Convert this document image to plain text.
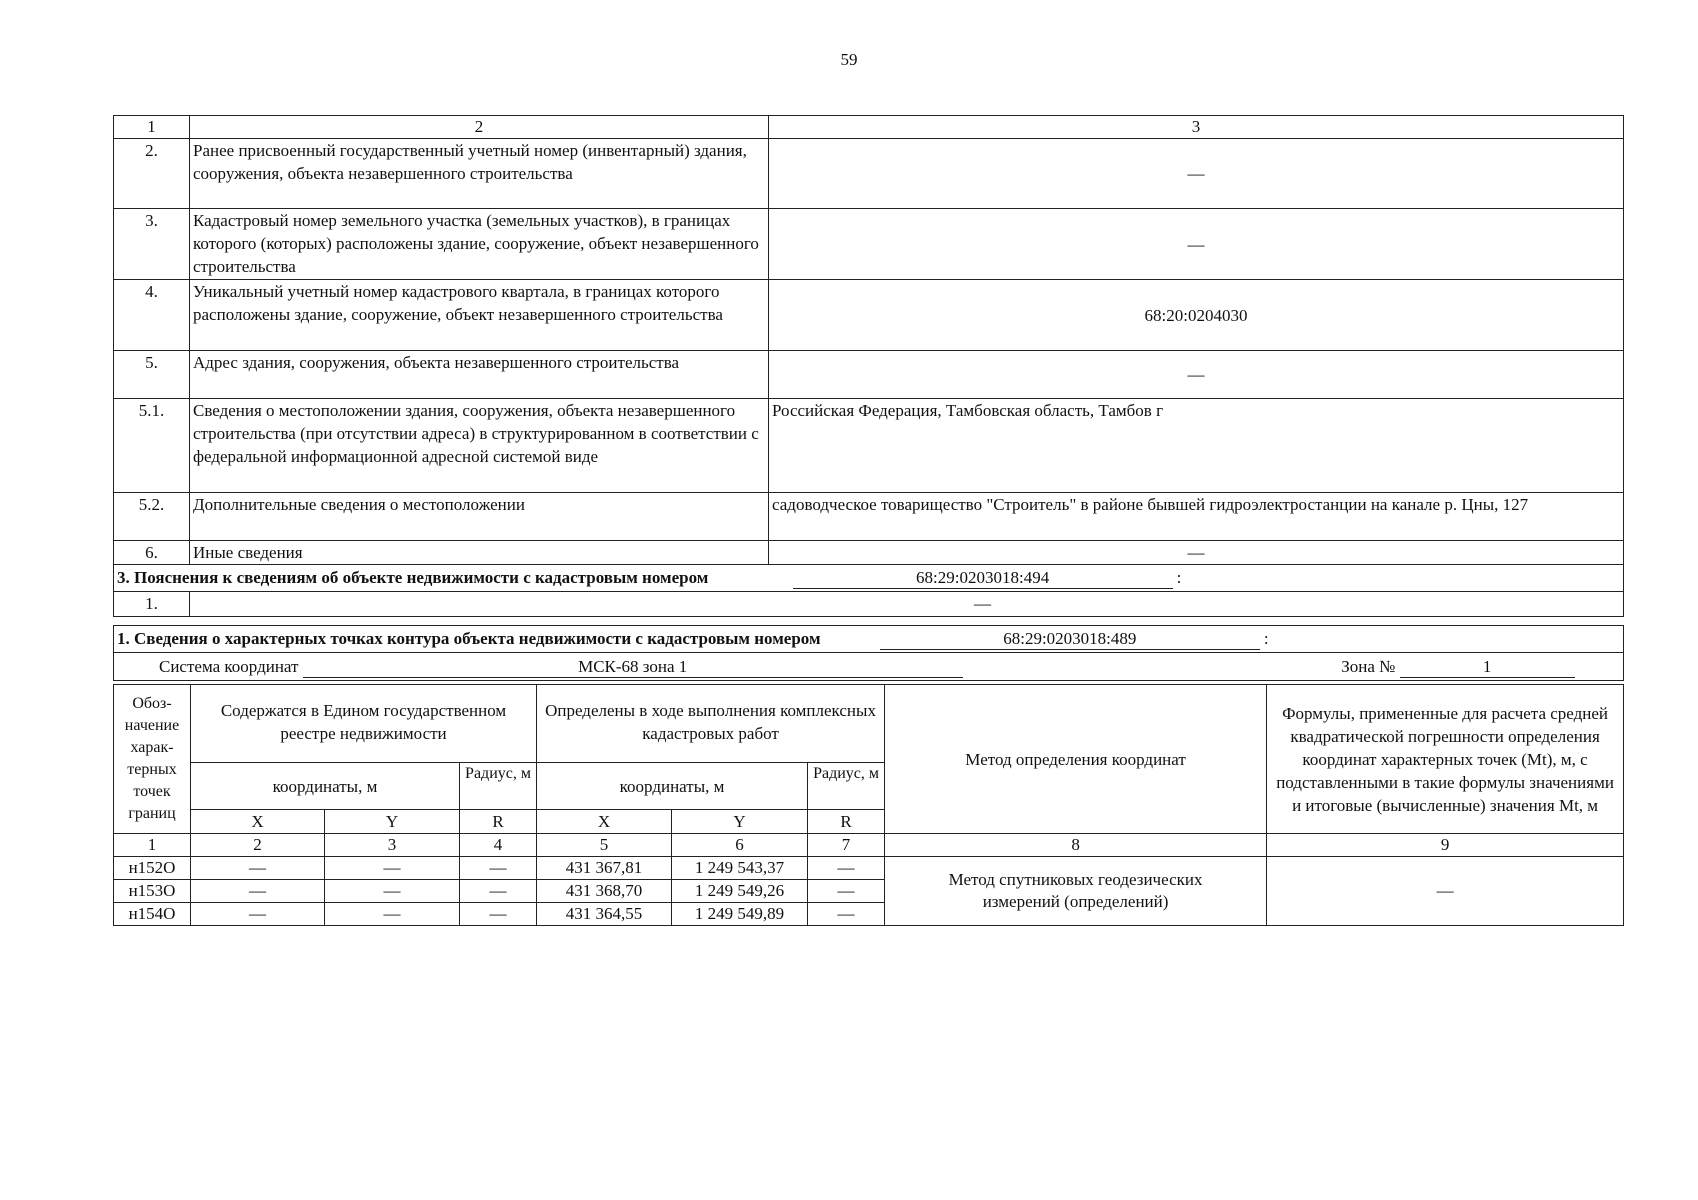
59
1	2	3
2.	Ранее присвоенный государственный учетный номер (инвентарный) здания, сооружения, объекта незавершенного строительства	—
3.	Кадастровый номер земельного участка (земельных участков), в границах которого (которых) расположены здание, сооружение, объект незавершенного строительства	—
4.	Уникальный учетный номер кадастрового квартала, в границах которого расположены здание, сооружение, объект незавершенного строительства	68:20:0204030
5.	Адрес здания, сооружения, объекта незавершенного строительства	—
5.1.	Сведения о местоположении здания, сооружения, объекта незавершенного строительства (при отсутствии адреса) в структурированном в соответствии с федеральной информационной адресной системой виде	Российская Федерация, Тамбовская область, Тамбов г
5.2.	Дополнительные сведения о местоположении	садоводческое товарищество "Строитель" в районе бывшей гидроэлектростанции на канале р. Цны, 127
6.	Иные сведения	—
3. Пояснения к сведениям об объекте недвижимости с кадастровым номером 68:29:0203018:494 :		
1.	—	
1. Сведения о характерных точках контура объекта недвижимости с кадастровым номером	68:29:0203018:489	:
Система координат	МСК-68 зона 1	Зона №	1
Обоз-начение харак-терных точек границ	Содержатся в Едином государственном реестре недвижимости			Определены в ходе выполнения комплексных кадастровых работ			Метод определения координат	Формулы, примененные для расчета средней квадратической погрешности определения координат характерных точек (Mt), м, с подставленными в такие формулы значениями и итоговые (вычисленные) значения Mt, м
	координаты, м		Радиус, м	координаты, м		Радиус, м		
	X	Y	R	X	Y	R		
1	2	3	4	5	6	7	8	9
н152О	—	—	—	431 367,81	1 249 543,37	—	Метод спутниковых геодезических измерений (определений)	—
н153О	—	—	—	431 368,70	1 249 549,26	—		
н154О	—	—	—	431 364,55	1 249 549,89	—		
